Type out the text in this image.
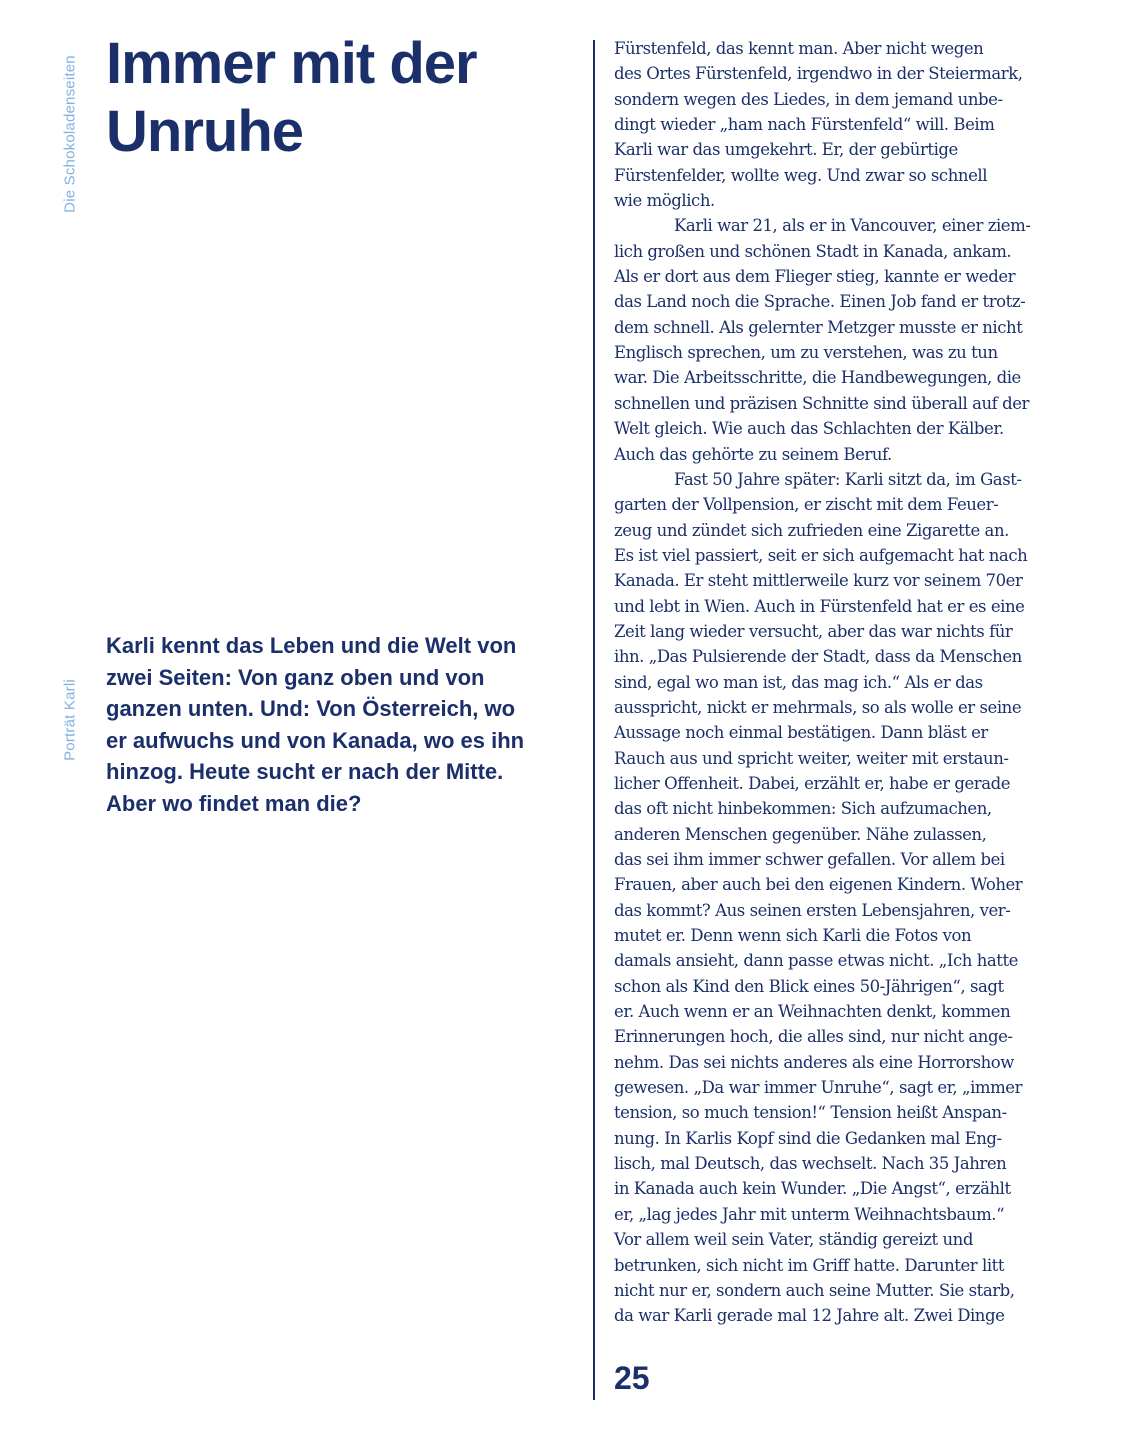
Die Schokoladenseiten
Porträt Karli
Immer mit der
Unruhe

Karli kennt das Leben und die Welt von
zwei Seiten: Von ganz oben und von
ganzen unten. Und: Von Österreich, wo
er aufwuchs und von Kanada, wo es ihn
hinzog. Heute sucht er nach der Mitte.
Aber wo findet man die?

Fürstenfeld, das kennt man. Aber nicht wegen
des Ortes Fürstenfeld, irgendwo in der Steiermark,
sondern wegen des Liedes, in dem jemand unbe-
dingt wieder „ham nach Fürstenfeld“ will. Beim
Karli war das umgekehrt. Er, der gebürtige
Fürstenfelder, wollte weg. Und zwar so schnell
wie möglich.
Karli war 21, als er in Vancouver, einer ziem-
lich großen und schönen Stadt in Kanada, ankam.
Als er dort aus dem Flieger stieg, kannte er weder
das Land noch die Sprache. Einen Job fand er trotz-
dem schnell. Als gelernter Metzger musste er nicht
Englisch sprechen, um zu verstehen, was zu tun
war. Die Arbeitsschritte, die Handbewegungen, die
schnellen und präzisen Schnitte sind überall auf der
Welt gleich. Wie auch das Schlachten der Kälber.
Auch das gehörte zu seinem Beruf.
Fast 50 Jahre später: Karli sitzt da, im Gast-
garten der Vollpension, er zischt mit dem Feuer-
zeug und zündet sich zufrieden eine Zigarette an.
Es ist viel passiert, seit er sich aufgemacht hat nach
Kanada. Er steht mittlerweile kurz vor seinem 70er
und lebt in Wien. Auch in Fürstenfeld hat er es eine
Zeit lang wieder versucht, aber das war nichts für
ihn. „Das Pulsierende der Stadt, dass da Menschen
sind, egal wo man ist, das mag ich.“ Als er das
ausspricht, nickt er mehrmals, so als wolle er seine
Aussage noch einmal bestätigen. Dann bläst er
Rauch aus und spricht weiter, weiter mit erstaun-
licher Offenheit. Dabei, erzählt er, habe er gerade
das oft nicht hinbekommen: Sich aufzumachen,
anderen Menschen gegenüber. Nähe zulassen,
das sei ihm immer schwer gefallen. Vor allem bei
Frauen, aber auch bei den eigenen Kindern. Woher
das kommt? Aus seinen ersten Lebensjahren, ver-
mutet er. Denn wenn sich Karli die Fotos von
damals ansieht, dann passe etwas nicht. „Ich hatte
schon als Kind den Blick eines 50-Jährigen“, sagt
er. Auch wenn er an Weihnachten denkt, kommen
Erinnerungen hoch, die alles sind, nur nicht ange-
nehm. Das sei nichts anderes als eine Horrorshow
gewesen. „Da war immer Unruhe“, sagt er, „immer
tension, so much tension!“ Tension heißt Anspan-
nung. In Karlis Kopf sind die Gedanken mal Eng-
lisch, mal Deutsch, das wechselt. Nach 35 Jahren
in Kanada auch kein Wunder. „Die Angst“, erzählt
er, „lag jedes Jahr mit unterm Weihnachtsbaum.“
Vor allem weil sein Vater, ständig gereizt und
betrunken, sich nicht im Griff hatte. Darunter litt
nicht nur er, sondern auch seine Mutter. Sie starb,
da war Karli gerade mal 12 Jahre alt. Zwei Dinge
25
